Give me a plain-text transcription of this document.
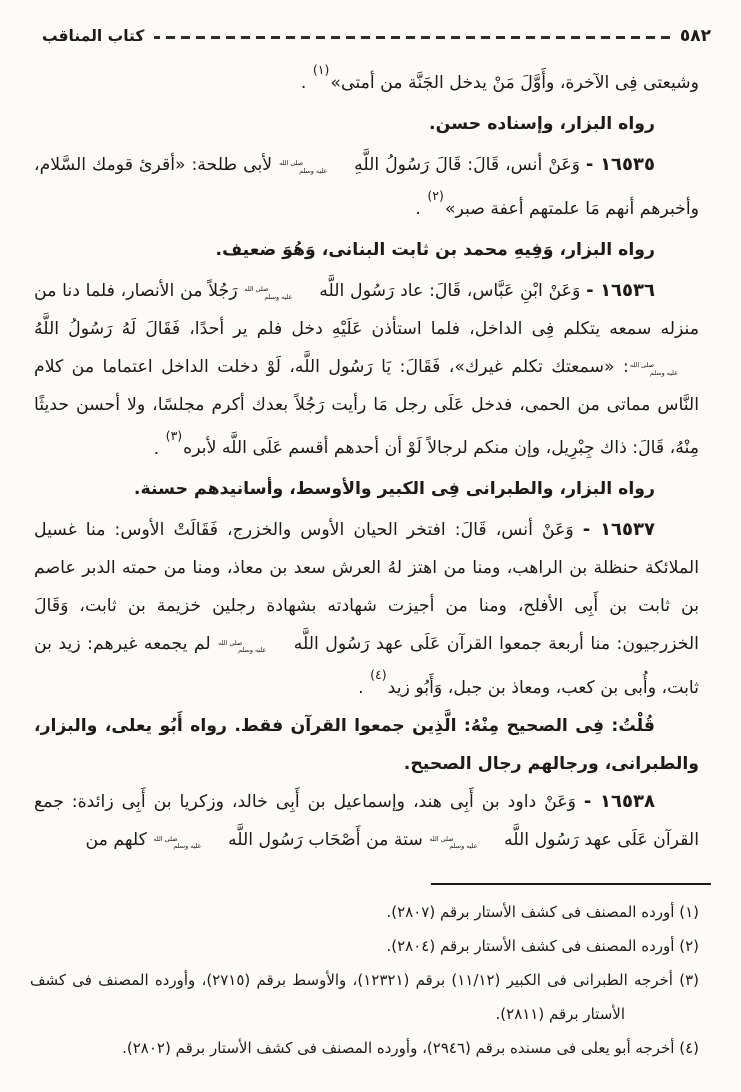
٥٨٢
كتاب المناقب

وشيعتى فِى الآخرة، وأَوَّلَ مَنْ يدخل الجَنَّة من أمتى»$^{(١)}$ .

رواه البزار، وإسناده حسن.

١٦٥٣٥ - وَعَنْ أنس، قَالَ: قَالَ رَسُولُ اللَّهِ صلى الله
عليه وسلم لأبى طلحة: «أقرئ قومك السَّلام، وأخبرهم أنهم مَا علمتهم أعفة صبر»$^{(٢)}$ .

رواه البزار، وَفِيهِ محمد بن ثابت البنانى، وَهُوَ ضعيف.

١٦٥٣٦ - وَعَنْ ابْنِ عَبَّاس، قَالَ: عاد رَسُول اللَّه صلى الله
عليه وسلم رَجُلاً من الأنصار، فلما دنا من منزله سمعه يتكلم فِى الداخل، فلما استأذن عَلَيْهِ دخل فلم ير أحدًا، فَقَالَ لَهُ رَسُولُ اللَّهُ صلى الله
عليه وسلم: «سمعتك تكلم غيرك»، فَقَالَ: يَا رَسُول اللَّه، لَوْ دخلت الداخل اعتماما من كلام النَّاس مماتى من الحمى، فدخل عَلَى رجل مَا رأيت رَجُلاً بعدك أكرم مجلسًا، ولا أحسن حديثًا مِنْهُ، قَالَ: ذاك جِبْرِيل، وإن منكم لرجالاً لَوْ أن أحدهم أقسم عَلَى اللَّه لأبره$^{(٣)}$ .

رواه البزار، والطبرانى فِى الكبير والأوسط، وأسانيدهم حسنة.

١٦٥٣٧ - وَعَنْ أنس، قَالَ: افتخر الحيان الأوس والخزرج، فَقَالَتْ الأوس: منا غسيل الملائكة حنظلة بن الراهب، ومنا من اهتز لهُ العرش سعد بن معاذ، ومنا من حمته الدبر عاصم بن ثابت بن أَبِى الأفلح، ومنا من أجيزت شهادته بشهادة رجلين خزيمة بن ثابت، وَقَالَ الخزرجيون: منا أربعة جمعوا القرآن عَلَى عهد رَسُول اللَّه صلى الله
عليه وسلم لم يجمعه غيرهم: زيد بن ثابت، وأُبى بن كعب، ومعاذ بن جبل، وَأَبُو زيد$^{(٤)}$ .

قُلْتُ: فِى الصحيح مِنْهُ: الَّذِين جمعوا القرآن فقط. رواه أَبُو يعلى، والبزار، والطبرانى، ورجالهم رجال الصحيح.

١٦٥٣٨ - وَعَنْ داود بن أَبِى هند، وإسماعيل بن أَبِى خالد، وزكريا بن أَبِى زائدة: جمع القرآن عَلَى عهد رَسُول اللَّه صلى الله
عليه وسلم ستة من أَصْحَاب رَسُول اللَّه صلى الله
عليه وسلم كلهم من

(١) أورده المصنف فى كشف الأستار برقم (٢٨٠٧).

(٢) أورده المصنف فى كشف الأستار برقم (٢٨٠٤).

(٣) أخرجه الطبرانى فى الكبير (١١/١٢) برقم (١٢٣٢١)، والأوسط برقم (٢٧١٥)، وأورده المصنف فى كشف الأستار برقم (٢٨١١).

(٤) أخرجه أبو يعلى فى مسنده برقم (٢٩٤٦)، وأورده المصنف فى كشف الأستار برقم (٢٨٠٢).
